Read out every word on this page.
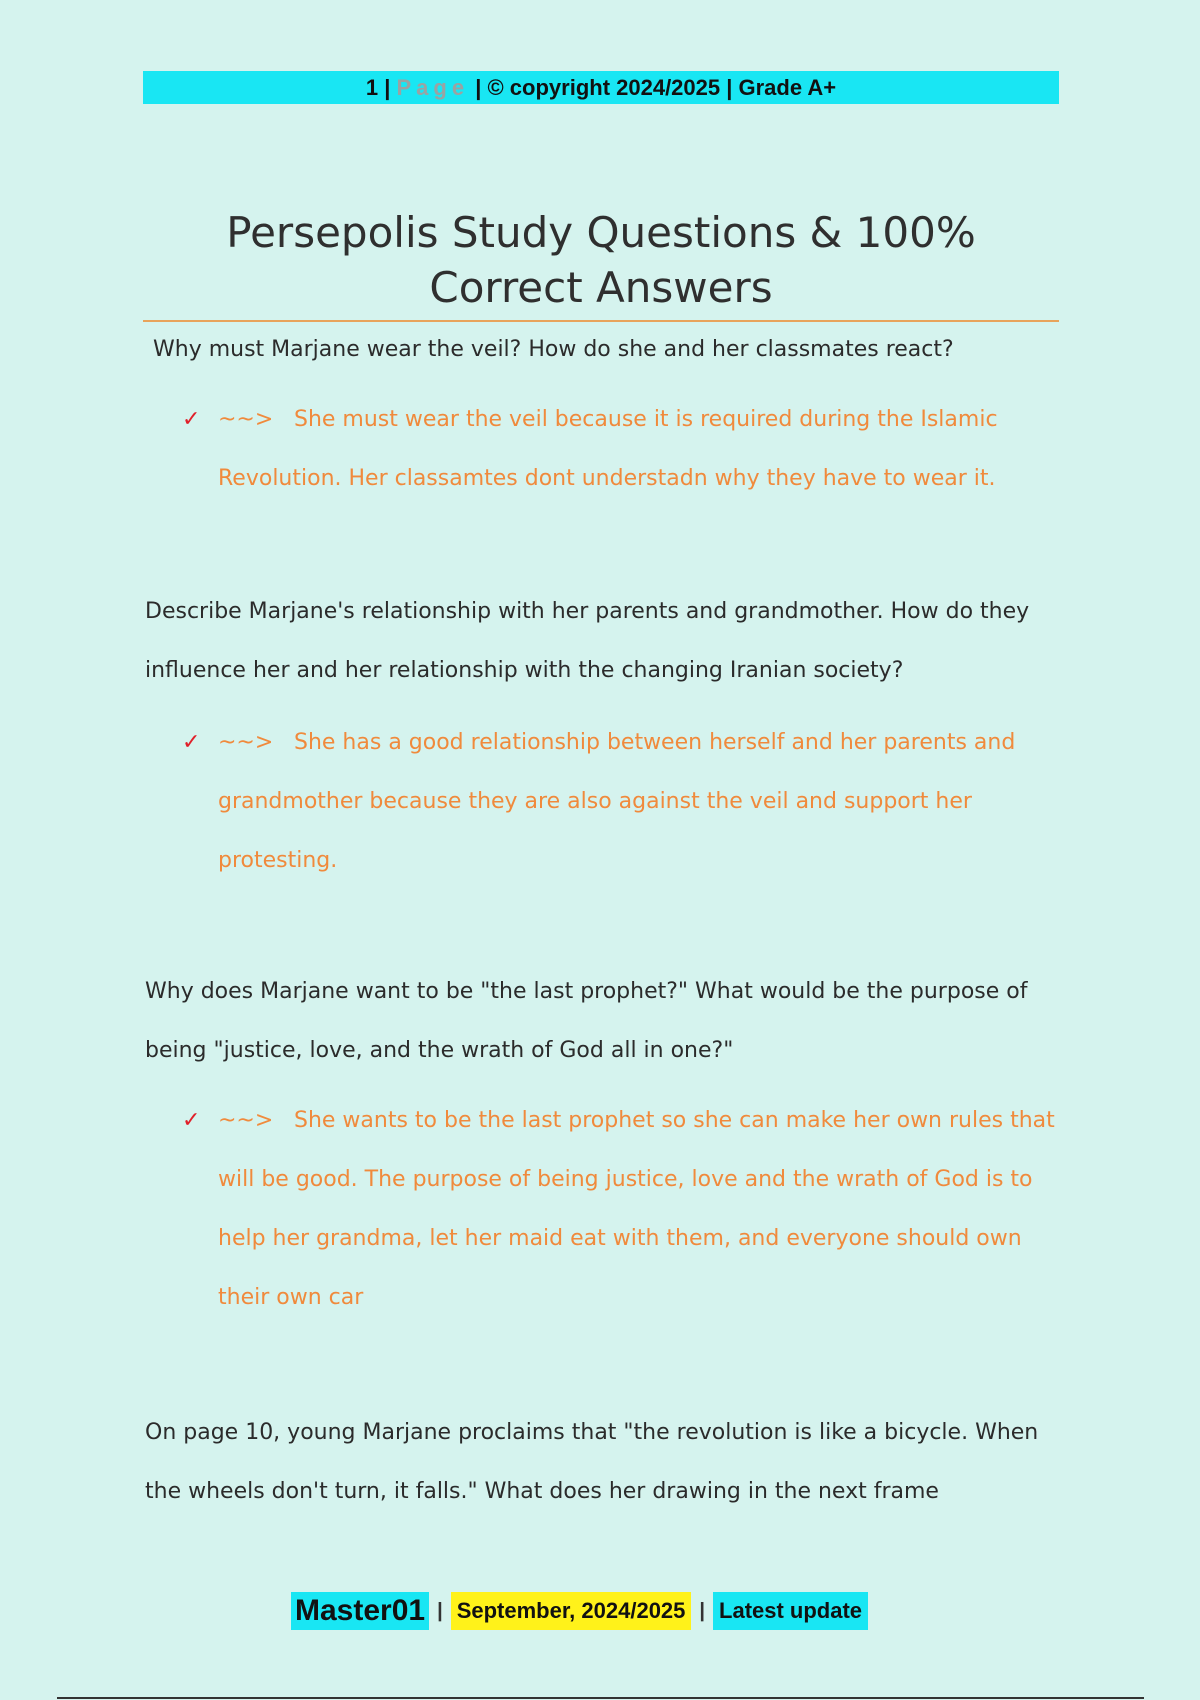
1 | Page | © copyright 2024/2025 | Grade A+
Persepolis Study Questions & 100%
Correct Answers

Why must Marjane wear the veil? How do she and her classmates react?

✓ ~~> She must wear the veil because it is required during the Islamic Revolution. Her classamtes dont understadn why they have to wear it.

Describe Marjane's relationship with her parents and grandmother. How do they influence her and her relationship with the changing Iranian society?

✓ ~~> She has a good relationship between herself and her parents and grandmother because they are also against the veil and support her protesting.

Why does Marjane want to be "the last prophet?" What would be the purpose of being "justice, love, and the wrath of God all in one?"

✓ ~~> She wants to be the last prophet so she can make her own rules that will be good. The purpose of being justice, love and the wrath of God is to help her grandma, let her maid eat with them, and everyone should own their own car

On page 10, young Marjane proclaims that "the revolution is like a bicycle. When the wheels don't turn, it falls." What does her drawing in the next frame

Master01 | September, 2024/2025 | Latest update
